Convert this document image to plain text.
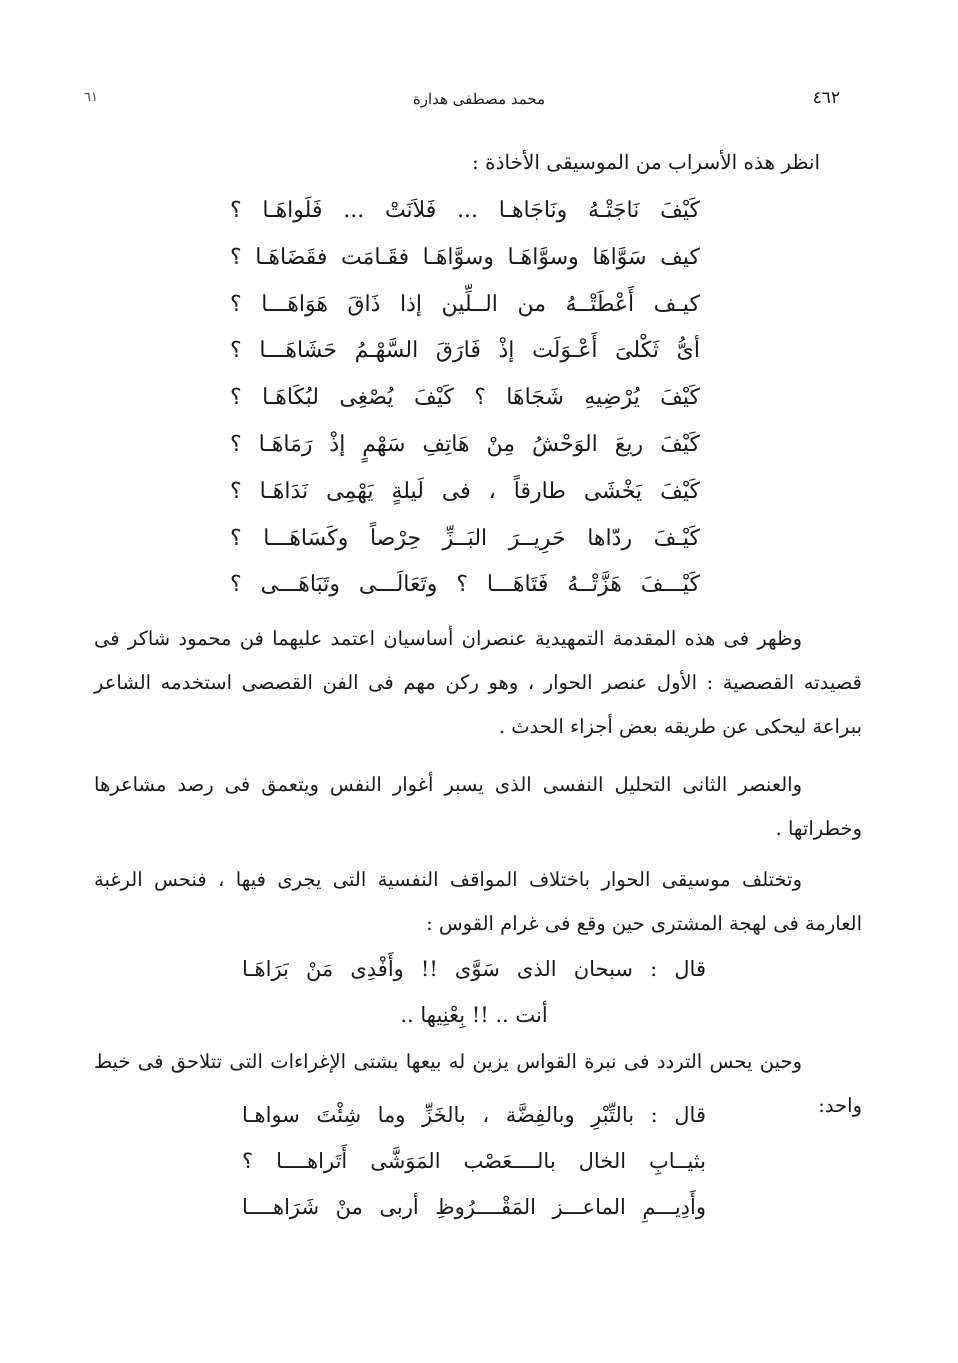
٤٦٢
محمد مصطفى هدارة
٦١
انظر هذه الأسراب من الموسيقى الأخاذة :
كَيْفَ نَاجَتْـهُ ونَاجَاهـا ... فَلاَنَتْ ... فَلَواهَـا ؟
كيف سَوَّاهَا وسوَّاهَـا وسوَّاهَـا فقَـامَت فقَضَاهَـا ؟
كيـف أَعْطَتْــهُ من الــلِّين إذا ذَاقَ هَوَاهَـــا ؟
أىُّ ثَكْلىَ أَعْـوَلَت إذْ فَارَقَ السَّهْـمُ حَشَاهَـــا ؟
كَيْفَ يُرْضِيهِ شَجَاهَا ؟ كَيْفَ يُصْغِى لبُكَاهَـا ؟
كَيْفَ ريعَ الوَحْشُ مِنْ هَاتِفِ سَهْمٍ إذْ رَمَاهَـا ؟
كَيْفَ يَخْشَى طارقاً ، فى لَيلةٍ يَهْمِى نَدَاهَـا ؟
كَيْـفَ ردّاها حَرِيــرَ البَــزِّ حِرْصاً وكَسَاهَـــا ؟
كَيْـــفَ هَزَّتْــهُ فَتَاهَـــا ؟ وتَعَالَـــى وتَبَاهَـــى ؟
وظهر فى هذه المقدمة التمهيدية عنصران أساسيان اعتمد عليهما فن محمود شاكر فى قصيدته القصصية : الأول عنصر الحوار ، وهو ركن مهم فى الفن القصصى استخدمه الشاعر ببراعة ليحكى عن طريقه بعض أجزاء الحدث .
والعنصر الثانى التحليل النفسى الذى يسبر أغوار النفس ويتعمق فى رصد مشاعرها وخطراتها .
وتختلف موسيقى الحوار باختلاف المواقف النفسية التى يجرى فيها ، فنحس الرغبة العارمة فى لهجة المشترى حين وقع فى غرام القوس :
قال : سبحان الذى سَوَّى !! وأَفْدِى مَنْ بَرَاهَـا
أنت .. !! بِعْنِيها ..
وحين يحس التردد فى نبرة القواس يزين له بيعها بشتى الإغراءات التى تتلاحق فى خيط واحد:
قال : بالتِّبْرِ وبالفِضَّة ، بالخَزِّ وما شِئْتَ سواهـا
بثيــابِ الخال بالــــعَصْب المَوَشَّى أَتَراهــــا ؟
وأَدِيـــمِ الماعـــز المَقْــــرُوظِ أربى منْ شَرَاهــــا
